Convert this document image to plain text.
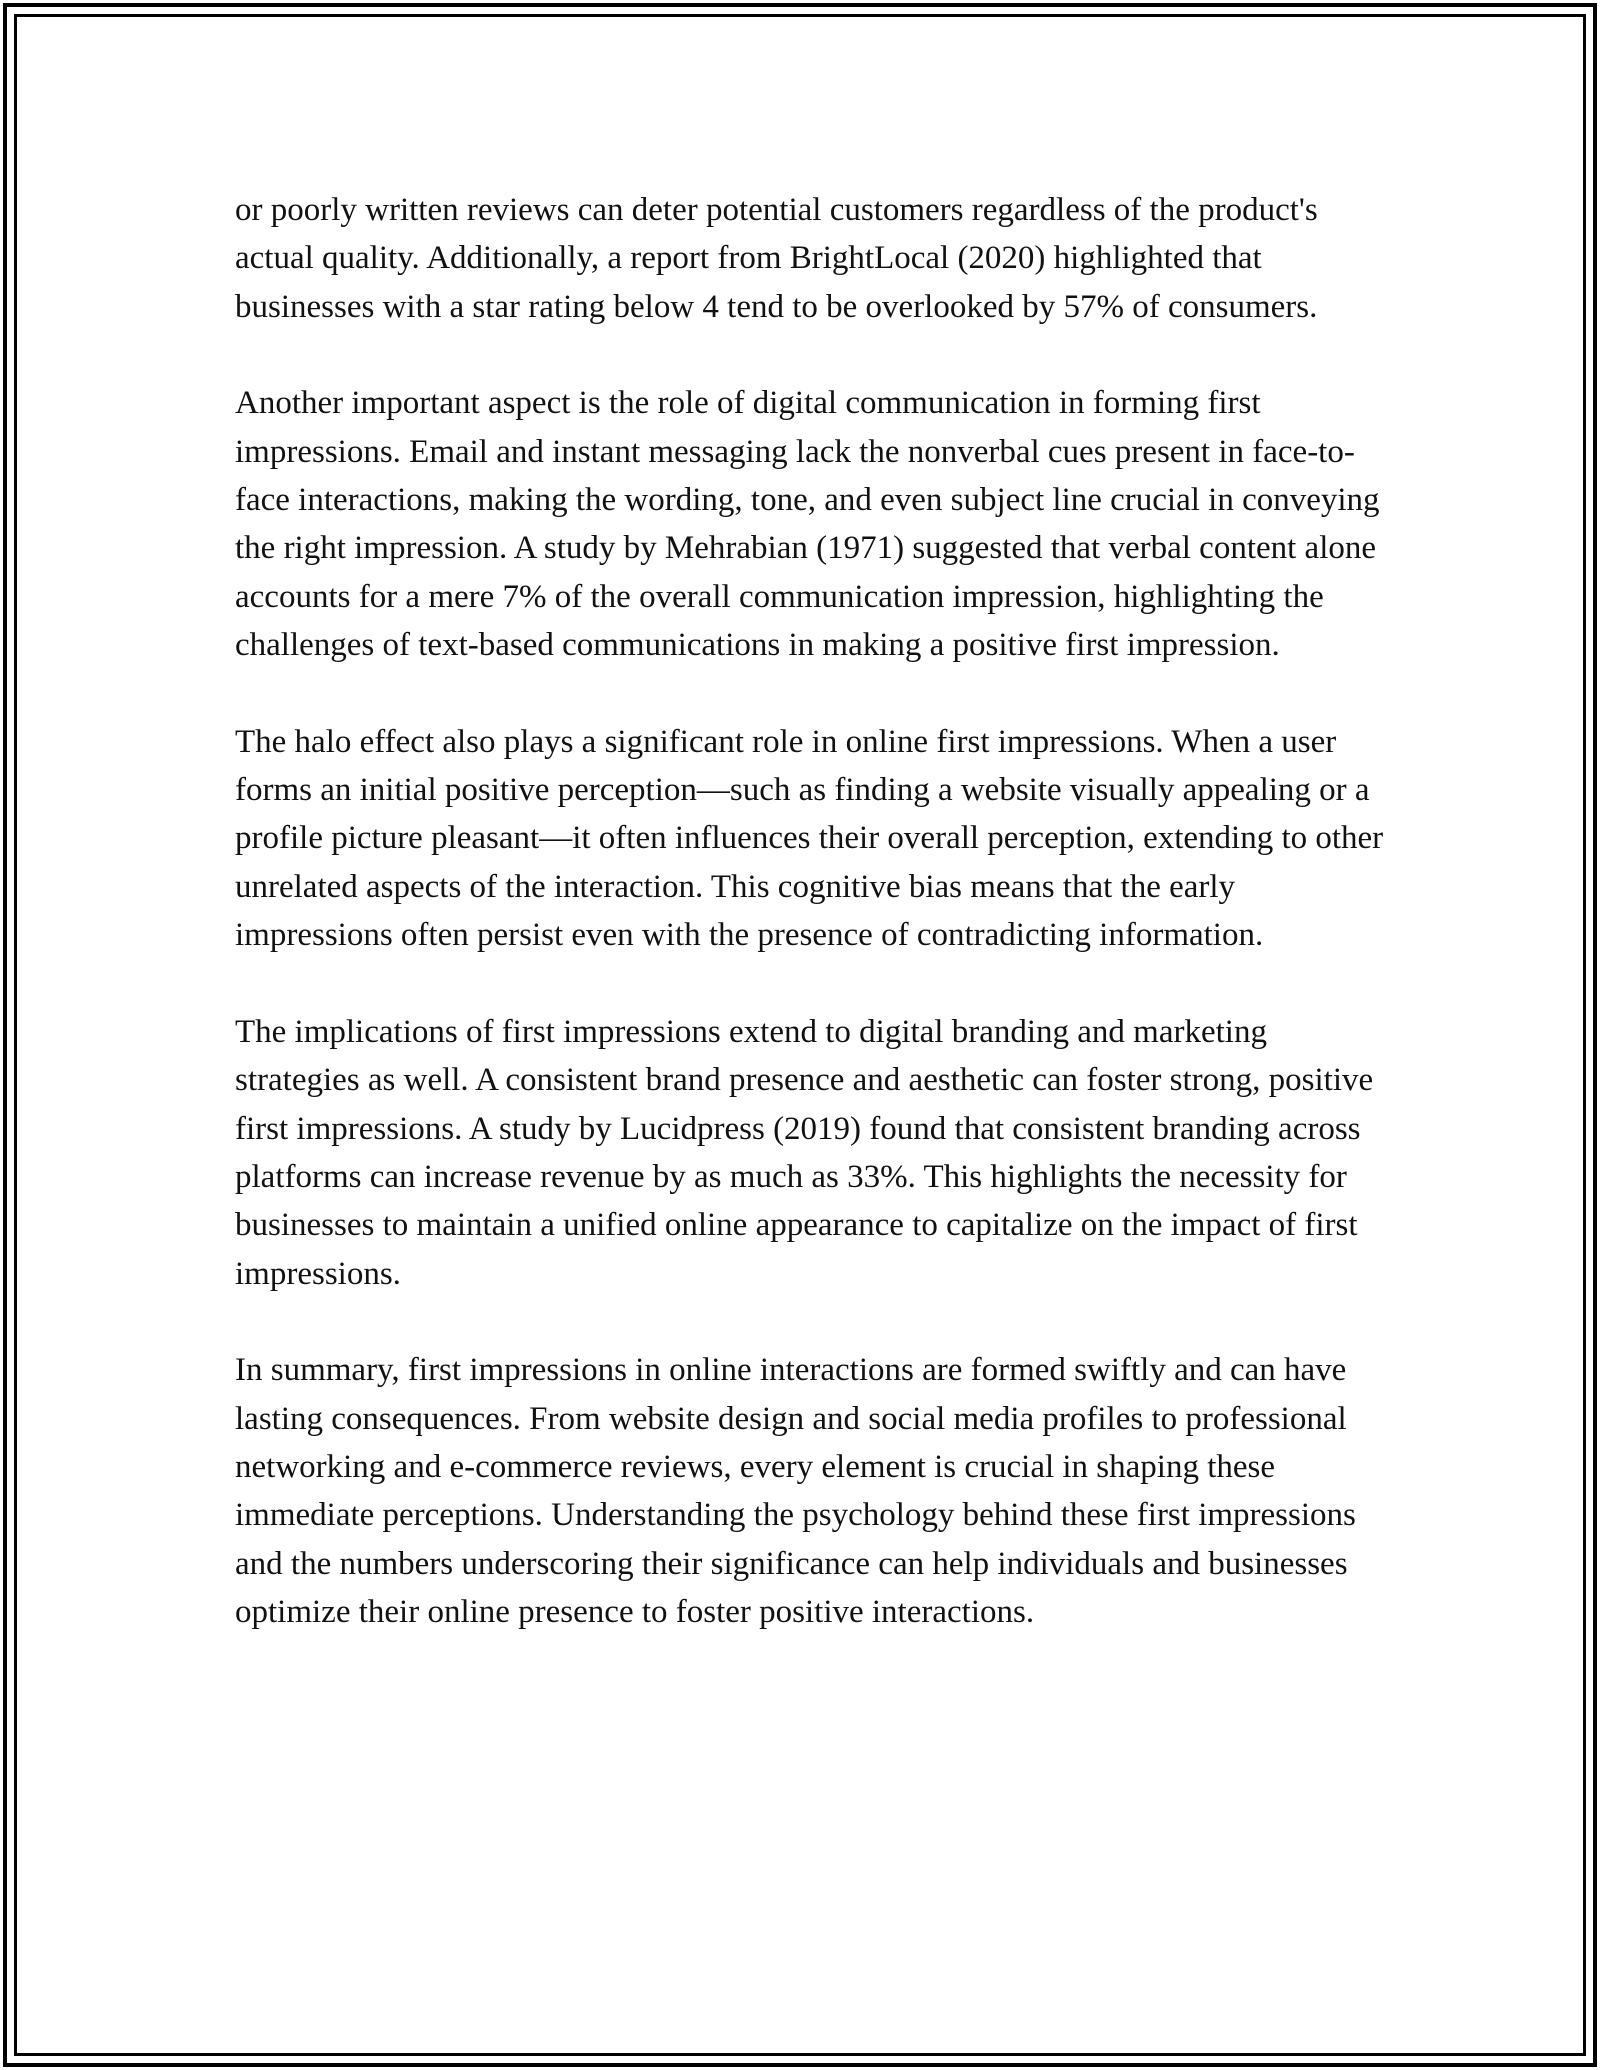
or poorly written reviews can deter potential customers regardless of the product's actual quality. Additionally, a report from BrightLocal (2020) highlighted that businesses with a star rating below 4 tend to be overlooked by 57% of consumers.

Another important aspect is the role of digital communication in forming first impressions. Email and instant messaging lack the nonverbal cues present in face-to-face interactions, making the wording, tone, and even subject line crucial in conveying the right impression. A study by Mehrabian (1971) suggested that verbal content alone accounts for a mere 7% of the overall communication impression, highlighting the challenges of text-based communications in making a positive first impression.

The halo effect also plays a significant role in online first impressions. When a user forms an initial positive perception—such as finding a website visually appealing or a profile picture pleasant—it often influences their overall perception, extending to other unrelated aspects of the interaction. This cognitive bias means that the early impressions often persist even with the presence of contradicting information.

The implications of first impressions extend to digital branding and marketing strategies as well. A consistent brand presence and aesthetic can foster strong, positive first impressions. A study by Lucidpress (2019) found that consistent branding across platforms can increase revenue by as much as 33%. This highlights the necessity for businesses to maintain a unified online appearance to capitalize on the impact of first impressions.

In summary, first impressions in online interactions are formed swiftly and can have lasting consequences. From website design and social media profiles to professional networking and e-commerce reviews, every element is crucial in shaping these immediate perceptions. Understanding the psychology behind these first impressions and the numbers underscoring their significance can help individuals and businesses optimize their online presence to foster positive interactions.
